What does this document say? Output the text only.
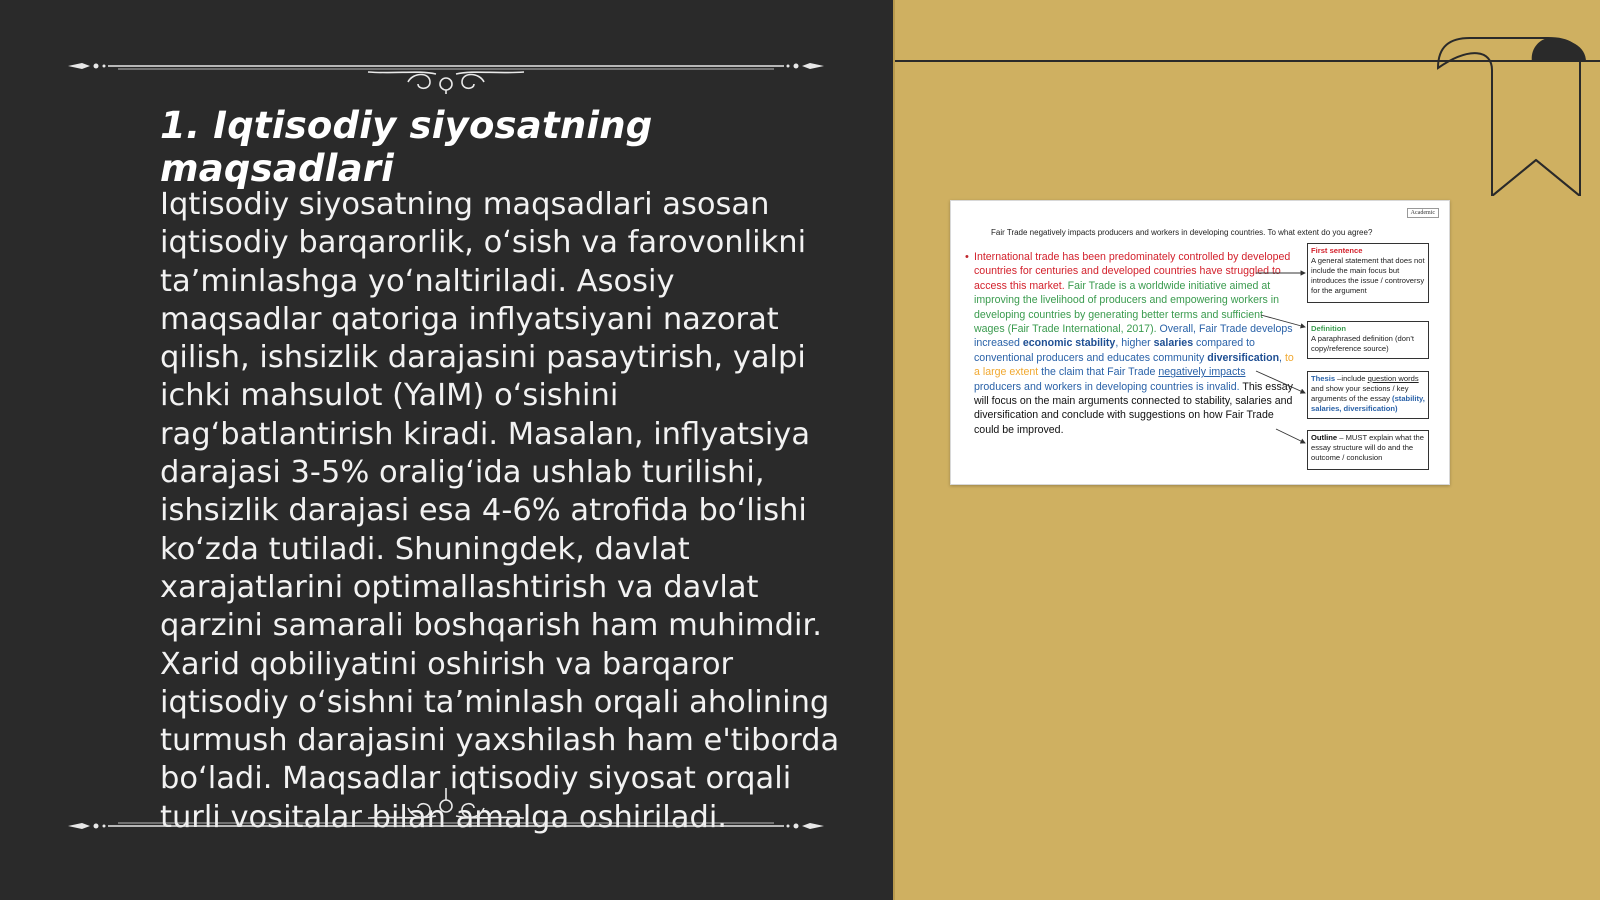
1. Iqtisodiy siyosatning maqsadlari

Iqtisodiy siyosatning maqsadlari asosan iqtisodiy barqarorlik, o‘sish va farovonlikni ta’minlashga yo‘naltiriladi. Asosiy maqsadlar qatoriga inflyatsiyani nazorat qilish, ishsizlik darajasini pasaytirish, yalpi ichki mahsulot (YaIM) o‘sishini rag‘batlantirish kiradi. Masalan, inflyatsiya darajasi 3-5% oralig‘ida ushlab turilishi, ishsizlik darajasi esa 4-6% atrofida bo‘lishi ko‘zda tutiladi. Shuningdek, davlat xarajatlarini optimallashtirish va davlat qarzini samarali boshqarish ham muhimdir. Xarid qobiliyatini oshirish va barqaror iqtisodiy o‘sishni ta’minlash orqali aholining turmush darajasini yaxshilash ham e'tiborda bo‘ladi. Maqsadlar iqtisodiy siyosat orqali turli vositalar bilan amalga oshiriladi.

Academic
Fair Trade negatively impacts producers and workers in developing countries. To what extent do you agree?
• International trade has been predominately controlled by developed countries for centuries and developed countries have struggled to access this market. Fair Trade is a worldwide initiative aimed at improving the livelihood of producers and empowering workers in developing countries by generating better terms and sufficient wages (Fair Trade International, 2017). Overall, Fair Trade develops increased economic stability, higher salaries compared to conventional producers and educates community diversification, to a large extent the claim that Fair Trade negatively impacts producers and workers in developing countries is invalid. This essay will focus on the main arguments connected to stability, salaries and diversification and conclude with suggestions on how Fair Trade could be improved.
First sentence
A general statement that does not include the main focus but introduces the issue / controversy for the argument
Definition
A paraphrased definition (don’t copy/reference source)
Thesis –include question words and show your sections / key arguments of the essay (stability, salaries, diversification)
Outline – MUST explain what the essay structure will do and the outcome / conclusion
